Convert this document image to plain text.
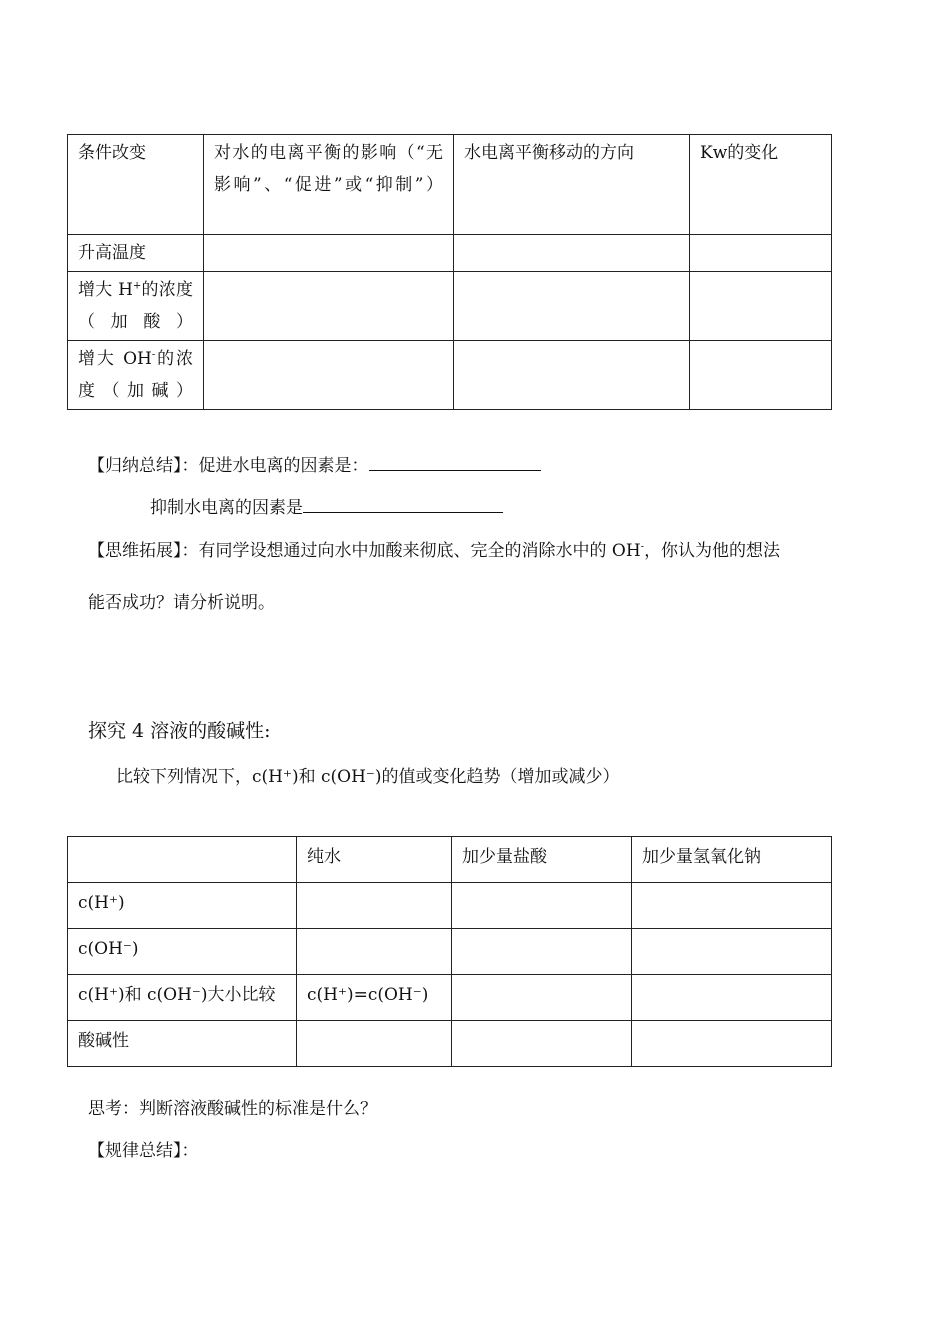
条件改变	对水的电离平衡的影响（“无影响”、“促进”或“抑制”）	水电离平衡移动的方向	Kw的变化
升高温度			
增大 H+的浓度（加酸）			
增大 OH-的浓度（加碱）			
【归纳总结】：促进水电离的因素是：
抑制水电离的因素是
【思维拓展】：有同学设想通过向水中加酸来彻底、完全的消除水中的 OH-，你认为他的想法
能否成功？请分析说明。
探究 4 溶液的酸碱性:
比较下列情况下，c(H⁺)和 c(OH⁻)的值或变化趋势（增加或减少）
	纯水	加少量盐酸	加少量氢氧化钠
c(H⁺)			
c(OH⁻)			
c(H⁺)和 c(OH⁻)大小比较	c(H⁺)=c(OH⁻)		
酸碱性			
思考：判断溶液酸碱性的标准是什么？
【规律总结】：
